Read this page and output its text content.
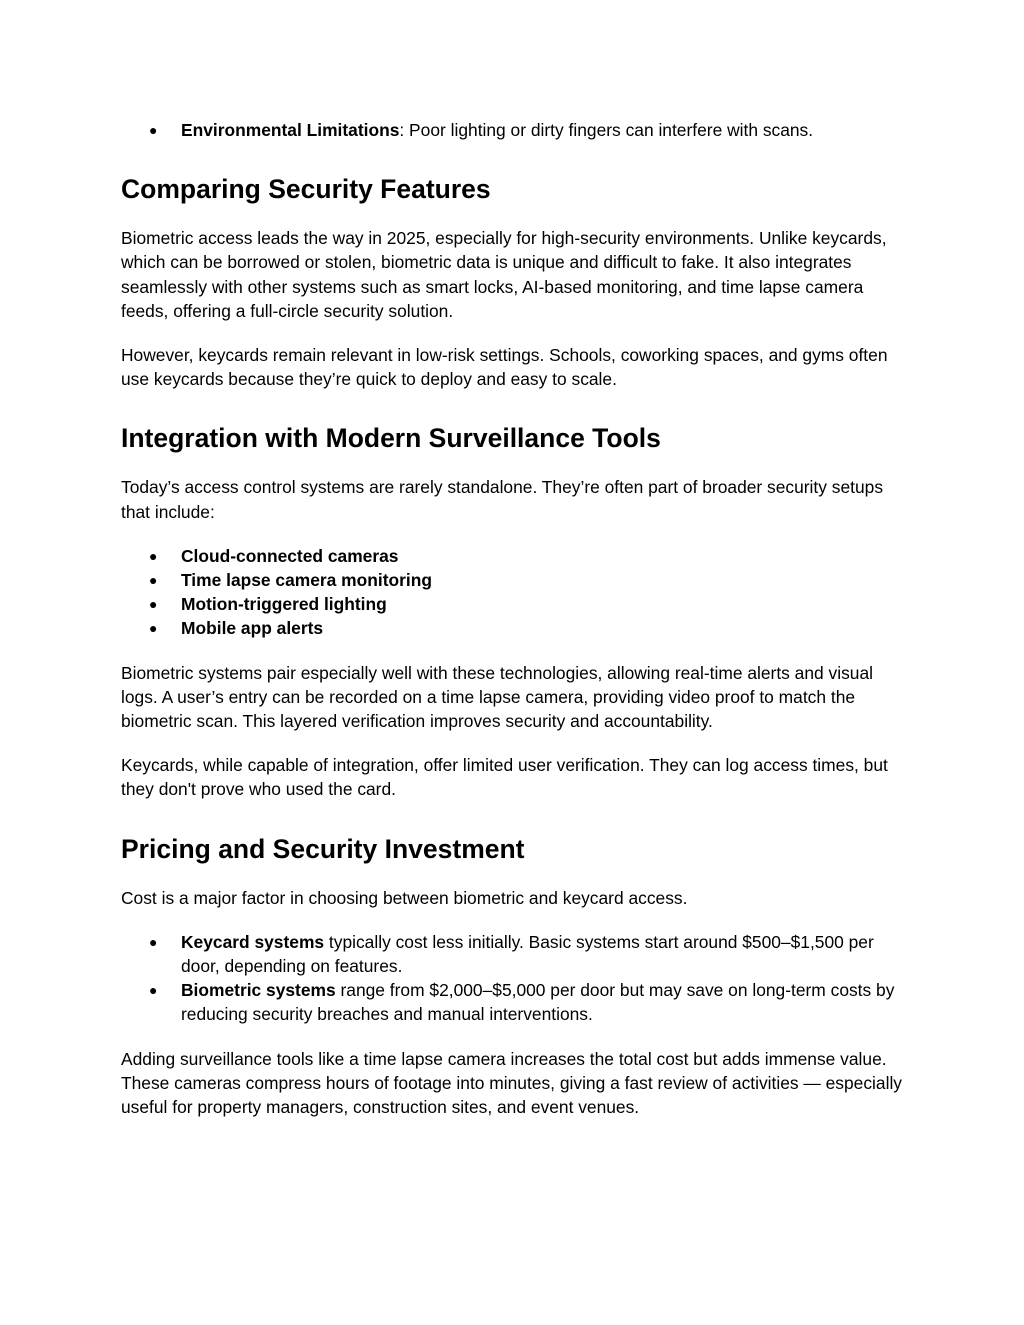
● Environmental Limitations: Poor lighting or dirty fingers can interfere with scans.
Comparing Security Features

Biometric access leads the way in 2025, especially for high-security environments. Unlike keycards, which can be borrowed or stolen, biometric data is unique and difficult to fake. It also integrates seamlessly with other systems such as smart locks, AI-based monitoring, and time lapse camera feeds, offering a full-circle security solution.

However, keycards remain relevant in low-risk settings. Schools, coworking spaces, and gyms often use keycards because they’re quick to deploy and easy to scale.

Integration with Modern Surveillance Tools

Today’s access control systems are rarely standalone. They’re often part of broader security setups that include:

● Cloud-connected cameras
● Time lapse camera monitoring
● Motion-triggered lighting
● Mobile app alerts

Biometric systems pair especially well with these technologies, allowing real-time alerts and visual logs. A user’s entry can be recorded on a time lapse camera, providing video proof to match the biometric scan. This layered verification improves security and accountability.

Keycards, while capable of integration, offer limited user verification. They can log access times, but they don't prove who used the card.

Pricing and Security Investment

Cost is a major factor in choosing between biometric and keycard access.

● Keycard systems typically cost less initially. Basic systems start around $500–$1,500 per door, depending on features.
● Biometric systems range from $2,000–$5,000 per door but may save on long-term costs by reducing security breaches and manual interventions.

Adding surveillance tools like a time lapse camera increases the total cost but adds immense value. These cameras compress hours of footage into minutes, giving a fast review of activities — especially useful for property managers, construction sites, and event venues.
